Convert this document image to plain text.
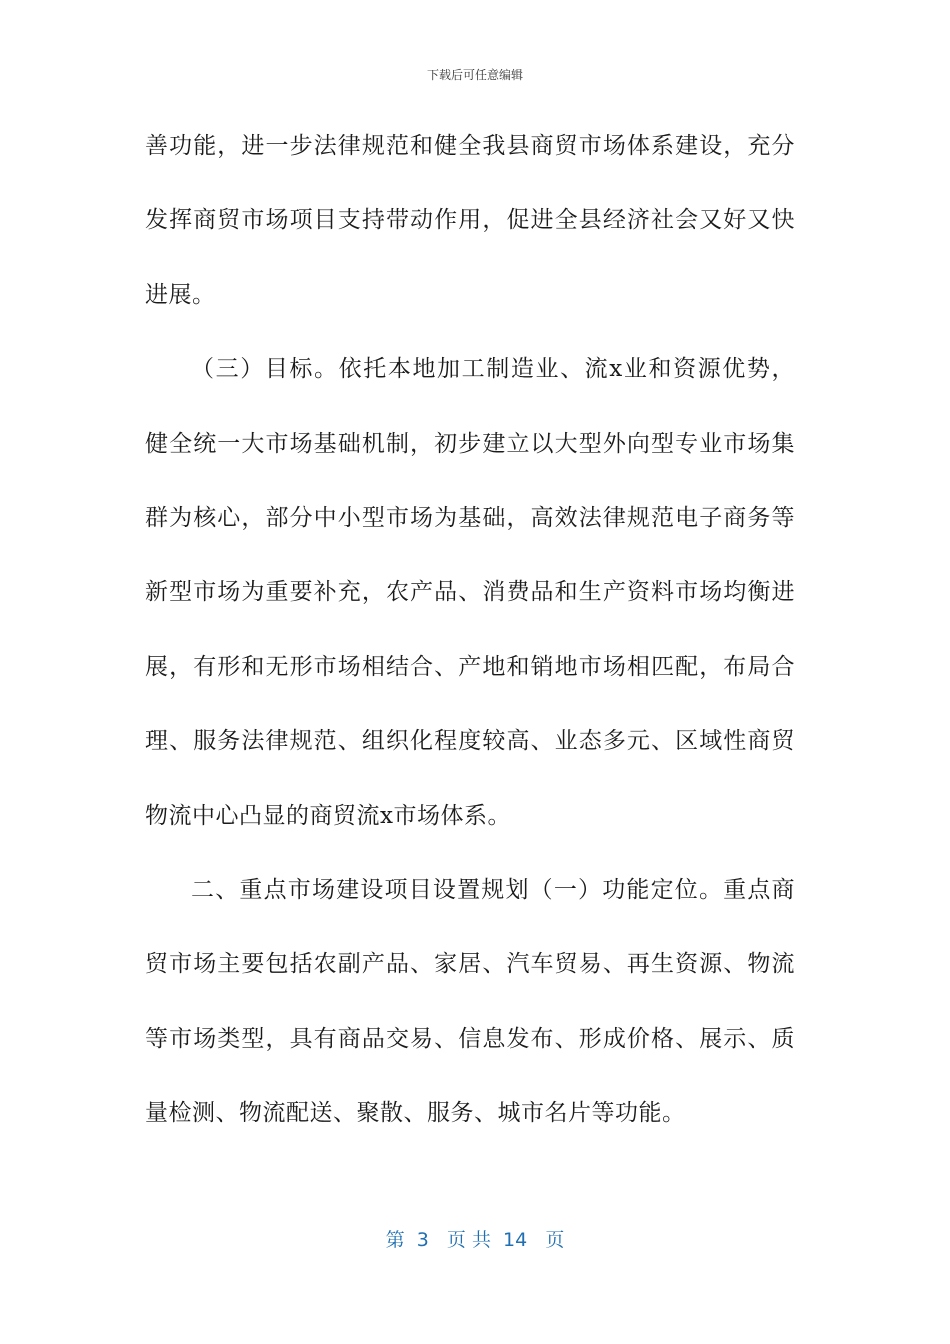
下载后可任意编辑
善功能，进一步法律规范和健全我县商贸市场体系建设，充分
发挥商贸市场项目支持带动作用，促进全县经济社会又好又快
进展。
（三）目标。依托本地加工制造业、流x业和资源优势，
健全统一大市场基础机制，初步建立以大型外向型专业市场集
群为核心，部分中小型市场为基础，高效法律规范电子商务等
新型市场为重要补充，农产品、消费品和生产资料市场均衡进
展，有形和无形市场相结合、产地和销地市场相匹配，布局合
理、服务法律规范、组织化程度较高、业态多元、区域性商贸
物流中心凸显的商贸流x市场体系。
二、重点市场建设项目设置规划（一）功能定位。重点商
贸市场主要包括农副产品、家居、汽车贸易、再生资源、物流
等市场类型，具有商品交易、信息发布、形成价格、展示、质
量检测、物流配送、聚散、服务、城市名片等功能。
第  3   页 共  14   页
